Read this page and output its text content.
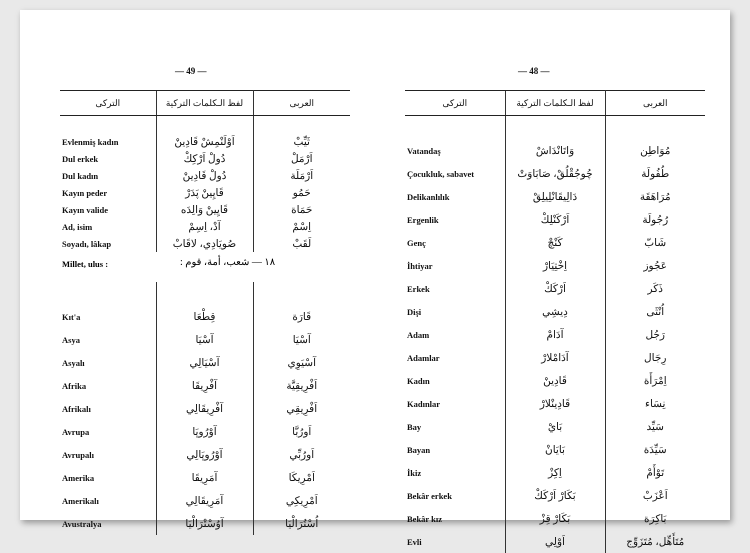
— 49 —
التركى	لفظ الـكلمات التركية	العربى

Evlenmiş kadın	اَوْلَنْمِشْ قَادِينْ	ثَيِّبْ
Dul erkek	دُولْ اَرْكِكْ	اَرْمَلْ
Dul kadın	دُولْ قَادِينْ	اَرْمَلَة
Kayın peder	قَايِينْ پَدَرْ	حَمُو
Kayın valide	قَايِينْ وَالِدَه	حَمَاة
Ad, isim	آدْ، اِسِمْ	اِسْمْ
Soyadı, lâkap	صُويَادِي، لاقَابْ	لَقَبْ
Millet, ulus :	١٨ — شعب، أمة، قوم :

Kıt'a	قِطْعَا	قَارَة
Asya	آسْيَا	آسْيَا
Asyalı	آسْيَالِي	آسْيَوِي
Afrika	آفْرِيقَا	اَفْرِيقِيَّة
Afrikalı	آفْرِيقَالِي	اَفْرِيقِي
Avrupa	آوْرُوپَا	اَورُبَّا
Avrupalı	آوْرُوپَالِي	اَورُبِّي
Amerika	آمَرِيقَا	اَمْرِيكَا
Amerikalı	آمَرِيقَالِي	اَمْرِيكِي
Avustralya	آوُسْتْرَالْيَا	اُسْتُرَالْيَا
— 48 —
التركى	لفظ الـكلمات التركية	العربى

Vatandaş	وَاتَانْدَاشْ	مُوَاطِن
Çocukluk, sabavet	چُوجُقْلُقْ، صَابَاوَتْ	طُفُولَة
Delikanlılık	دَالِيقَانْلِيلِقْ	مُرَاهَقَة
Ergenlik	اَرْكَنْلِكْ	رُجُولَة
Genç	كَنْچْ	شَابّ
İhtiyar	اِخْتِيَارْ	عَجُوز
Erkek	اَرْكَكْ	ذَكَر
Dişi	دِيشِي	اُنْثَى
Adam	آدَامْ	رَجُل
Adamlar	آدَامْلارْ	رِجَال
Kadın	قَادِينْ	اِمْرَأَة
Kadınlar	قَادِينْلارْ	نِسَاء
Bay	بَايْ	سَيِّد
Bayan	بَايَانْ	سَيِّدَة
İkiz	اِكِزْ	تَوْأَمْ
Bekâr erkek	بَكَارْ اَرْكَكْ	اَعْزَبْ
Bekâr kız	بَكَارْ قِزْ	بَاكِرَة
Evli	اَوْلِي	مُتَأَهِّل، مُتَزَوِّج
